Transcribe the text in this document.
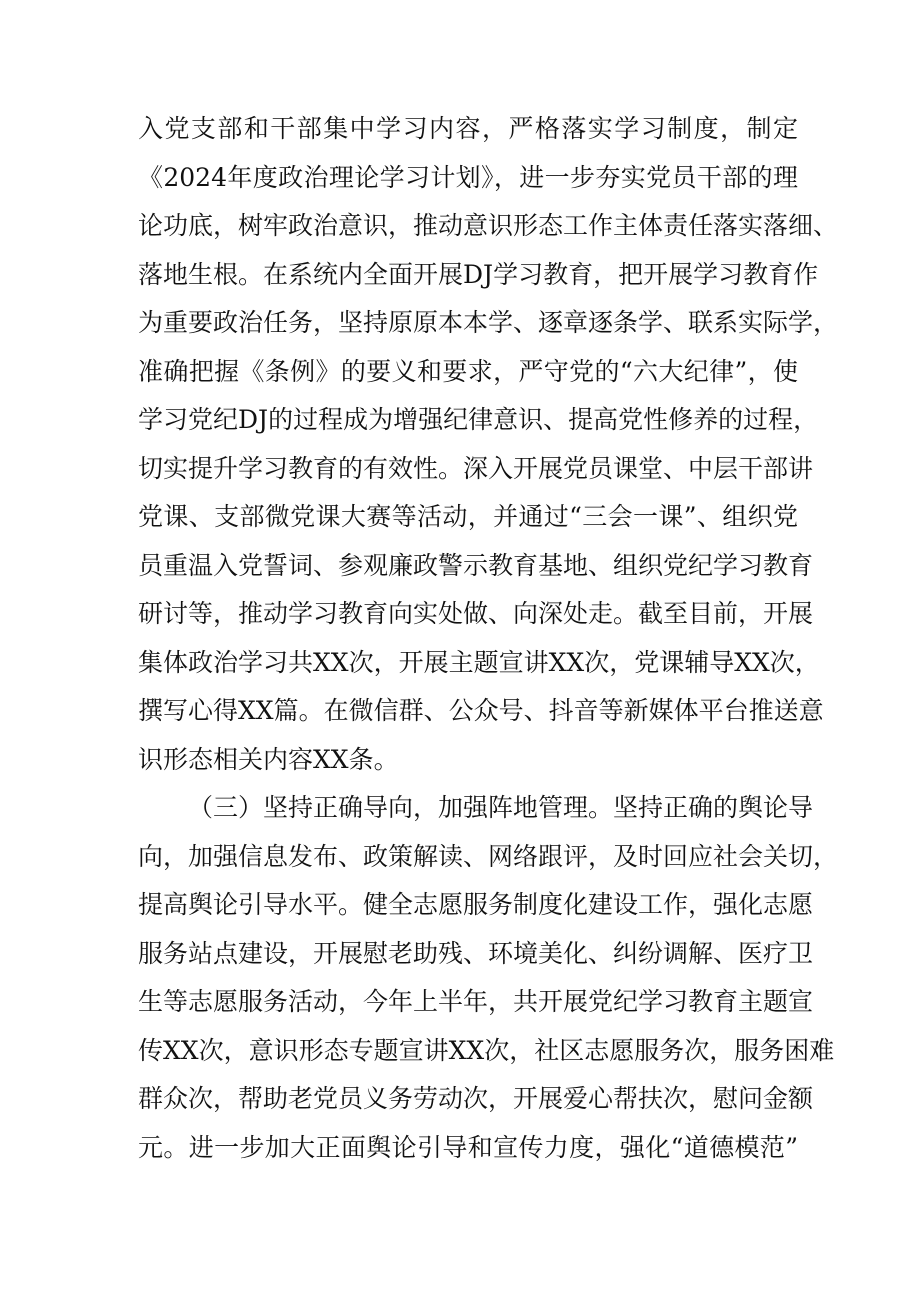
入党支部和干部集中学习内容，严格落实学习制度，制定
《2024年度政治理论学习计划》，进一步夯实党员干部的理
论功底，树牢政治意识，推动意识形态工作主体责任落实落细、
落地生根。在系统内全面开展DJ学习教育，把开展学习教育作
为重要政治任务，坚持原原本本学、逐章逐条学、联系实际学，
准确把握《条例》的要义和要求，严守党的“六大纪律”，使
学习党纪DJ的过程成为增强纪律意识、提高党性修养的过程，
切实提升学习教育的有效性。深入开展党员课堂、中层干部讲
党课、支部微党课大赛等活动，并通过“三会一课”、组织党
员重温入党誓词、参观廉政警示教育基地、组织党纪学习教育
研讨等，推动学习教育向实处做、向深处走。截至目前，开展
集体政治学习共XX次，开展主题宣讲XX次，党课辅导XX次，
撰写心得XX篇。在微信群、公众号、抖音等新媒体平台推送意
识形态相关内容XX条。
（三）坚持正确导向，加强阵地管理。坚持正确的舆论导
向，加强信息发布、政策解读、网络跟评，及时回应社会关切，
提高舆论引导水平。健全志愿服务制度化建设工作，强化志愿
服务站点建设，开展慰老助残、环境美化、纠纷调解、医疗卫
生等志愿服务活动，今年上半年，共开展党纪学习教育主题宣
传XX次，意识形态专题宣讲XX次，社区志愿服务次，服务困难
群众次，帮助老党员义务劳动次，开展爱心帮扶次，慰问金额
元。进一步加大正面舆论引导和宣传力度，强化“道德模范”
